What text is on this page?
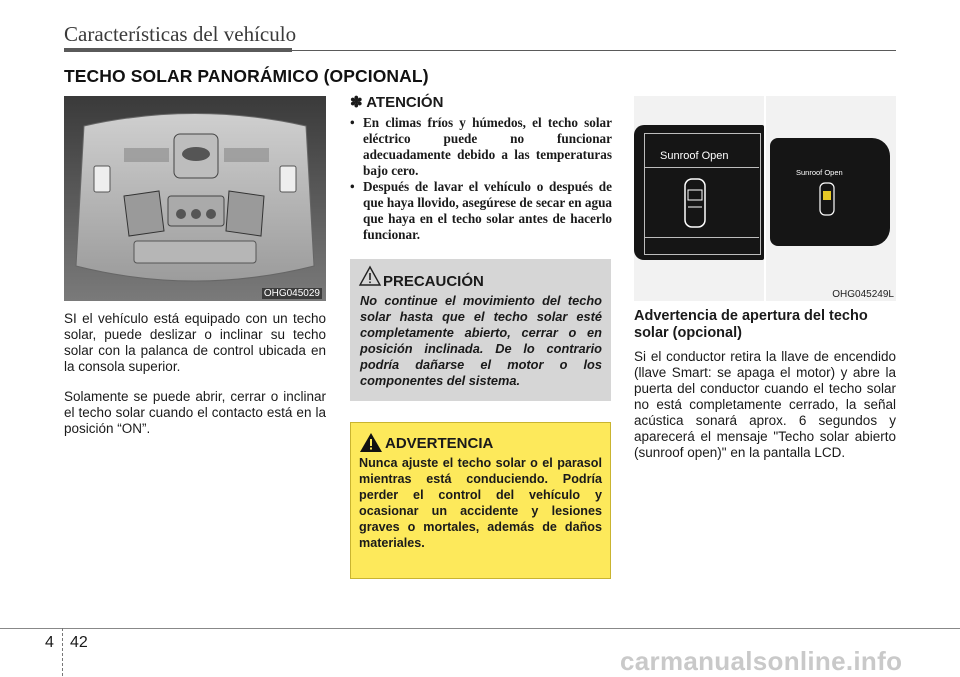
Características del vehículo
TECHO SOLAR PANORÁMICO (OPCIONAL)
OHG045029
SI el vehículo está equipado con un techo solar, puede deslizar o inclinar su techo solar con la palanca de control ubicada en la consola superior.
Solamente se puede abrir, cerrar o inclinar el techo solar cuando el contacto está en la posición “ON”.
✽ ATENCIÓN
• En climas fríos y húmedos, el techo solar eléctrico puede no funcionar adecuadamente debido a las temperaturas bajo cero.
• Después de lavar el vehículo o después de que haya llovido, asegúrese de secar en agua que haya en el techo solar antes de hacerlo funcionar.
PRECAUCIÓN
No continue el movimiento del techo solar hasta que el techo solar esté completamente abierto, cerrar o en posición inclinada. De lo contrario podría dañarse el motor o los componentes del sistema.
ADVERTENCIA
Nunca ajuste el techo solar o el parasol mientras está conduciendo. Podría perder el control del vehículo y ocasionar un accidente y lesiones graves o mortales, además de daños materiales.
Sunroof Open
Sunroof Open
OHG045249L
Advertencia de apertura del techo solar (opcional)
Si el conductor retira la llave de encendido (llave Smart: se apaga el motor) y abre la puerta del conductor cuando el techo solar no está completamente cerrado, la señal acústica sonará aprox. 6 segundos y aparecerá el mensaje "Techo solar abierto (sunroof open)" en la pantalla LCD.
4 42
carmanualsonline.info
